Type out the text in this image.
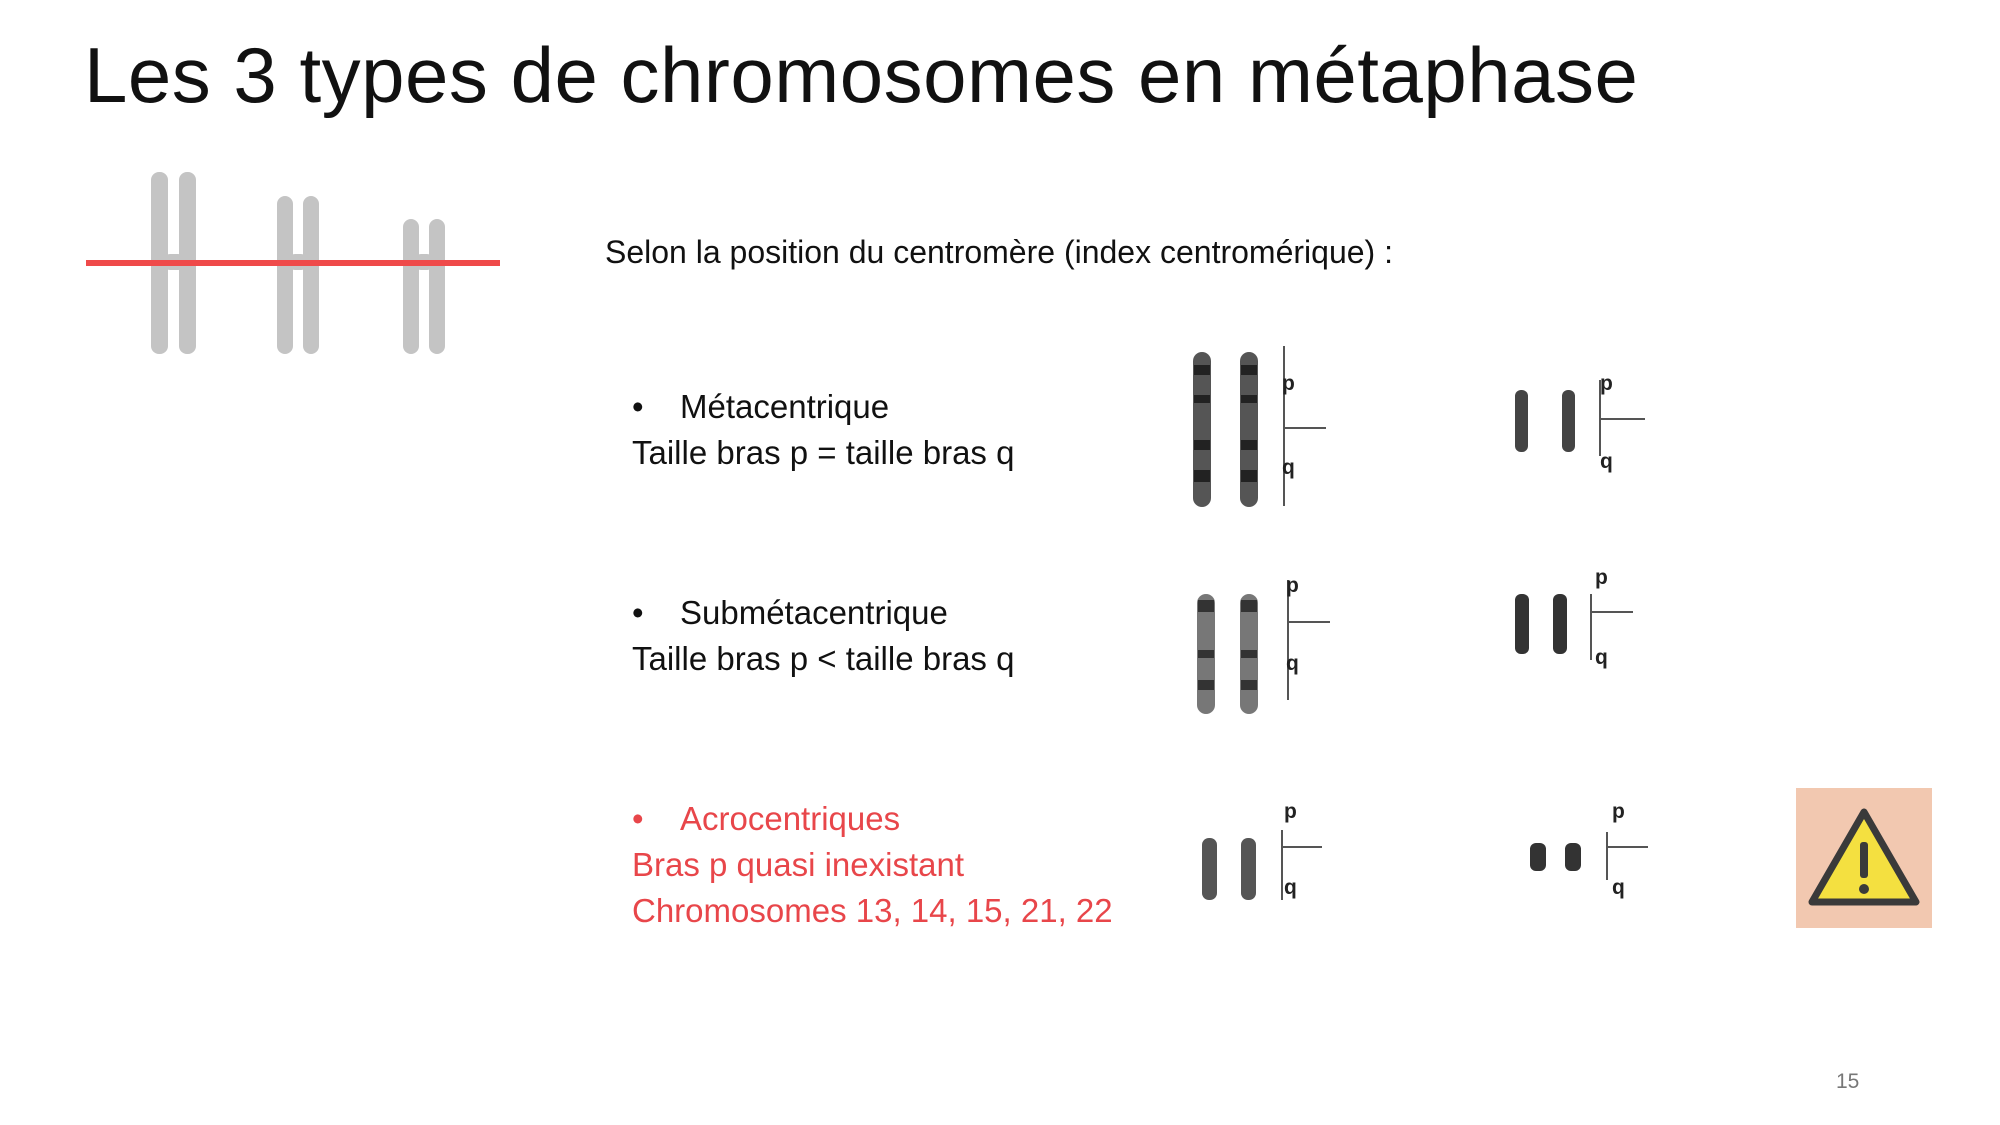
Les 3 types de chromosomes en métaphase
p
q
p
q
p
q
p
q
p
q
p
q
Selon la position du centromère (index centromérique) :
• Métacentrique
Taille bras p = taille bras q
• Submétacentrique
Taille bras p < taille bras q
• Acrocentriques
Bras p quasi inexistant
Chromosomes 13, 14, 15, 21, 22
15
